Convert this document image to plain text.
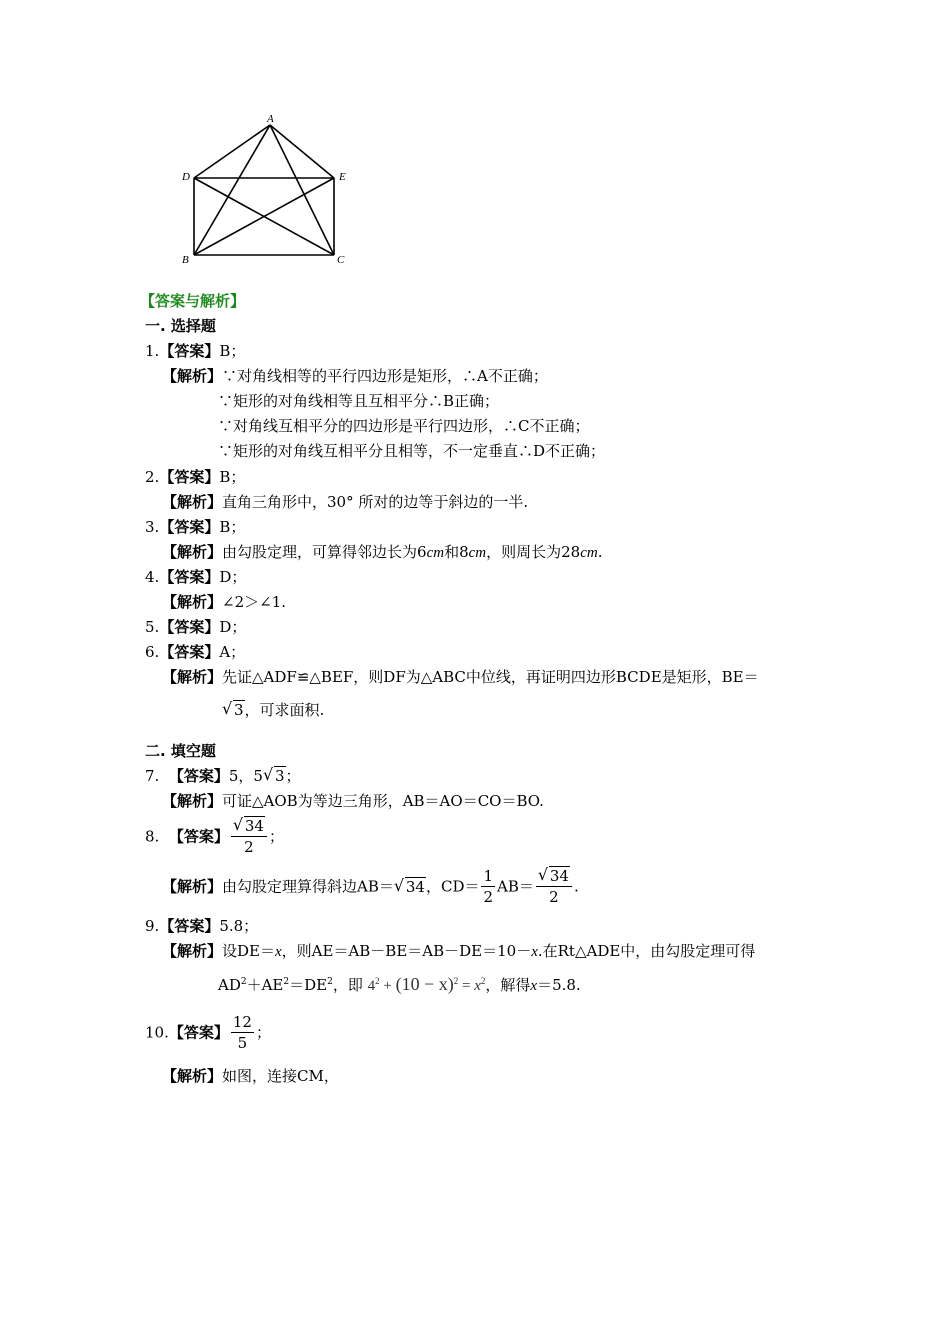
A
D	E
B	C
【答案与解析】
一. 选择题
1.【答案】B；
【解析】∵对角线相等的平行四边形是矩形，∴A不正确；
∵矩形的对角线相等且互相平分∴B正确；
∵对角线互相平分的四边形是平行四边形，∴C不正确；
∵矩形的对角线互相平分且相等，不一定垂直∴D不正确；
2.【答案】B；
【解析】直角三角形中，30° 所对的边等于斜边的一半.
3.【答案】B；
【解析】由勾股定理，可算得邻边长为6cm和8cm，则周长为28cm.
4.【答案】D；
【解析】∠2＞∠1.
5.【答案】D；
6.【答案】A；
【解析】先证△ADF≌△BEF，则DF为△ABC中位线，再证明四边形BCDE是矩形，BE＝
√ 3，可求面积.
二. 填空题
7. 【答案】5，5 √ 3；
【解析】可证△AOB为等边三角形，AB＝AO＝CO＝BO.
8. 【答案】 $\frac{√ 34}{2}$ ；
【解析】由勾股定理算得斜边AB＝ √ 34，$CD= \frac{1}{2} AB= \frac{√ 34}{2}$ .
9.【答案】5.8；
【解析】设DE＝x，则AE＝AB－BE＝AB－DE＝10－x.在Rt△ADE中，由勾股定理可得
$AD^2+AE^2=DE^2$，即 $4^2 + (10 - x)^2 = x^2$，解得x＝5.8.
10.【答案】 $\frac{12}{5}$ ；
【解析】如图，连接CM，
